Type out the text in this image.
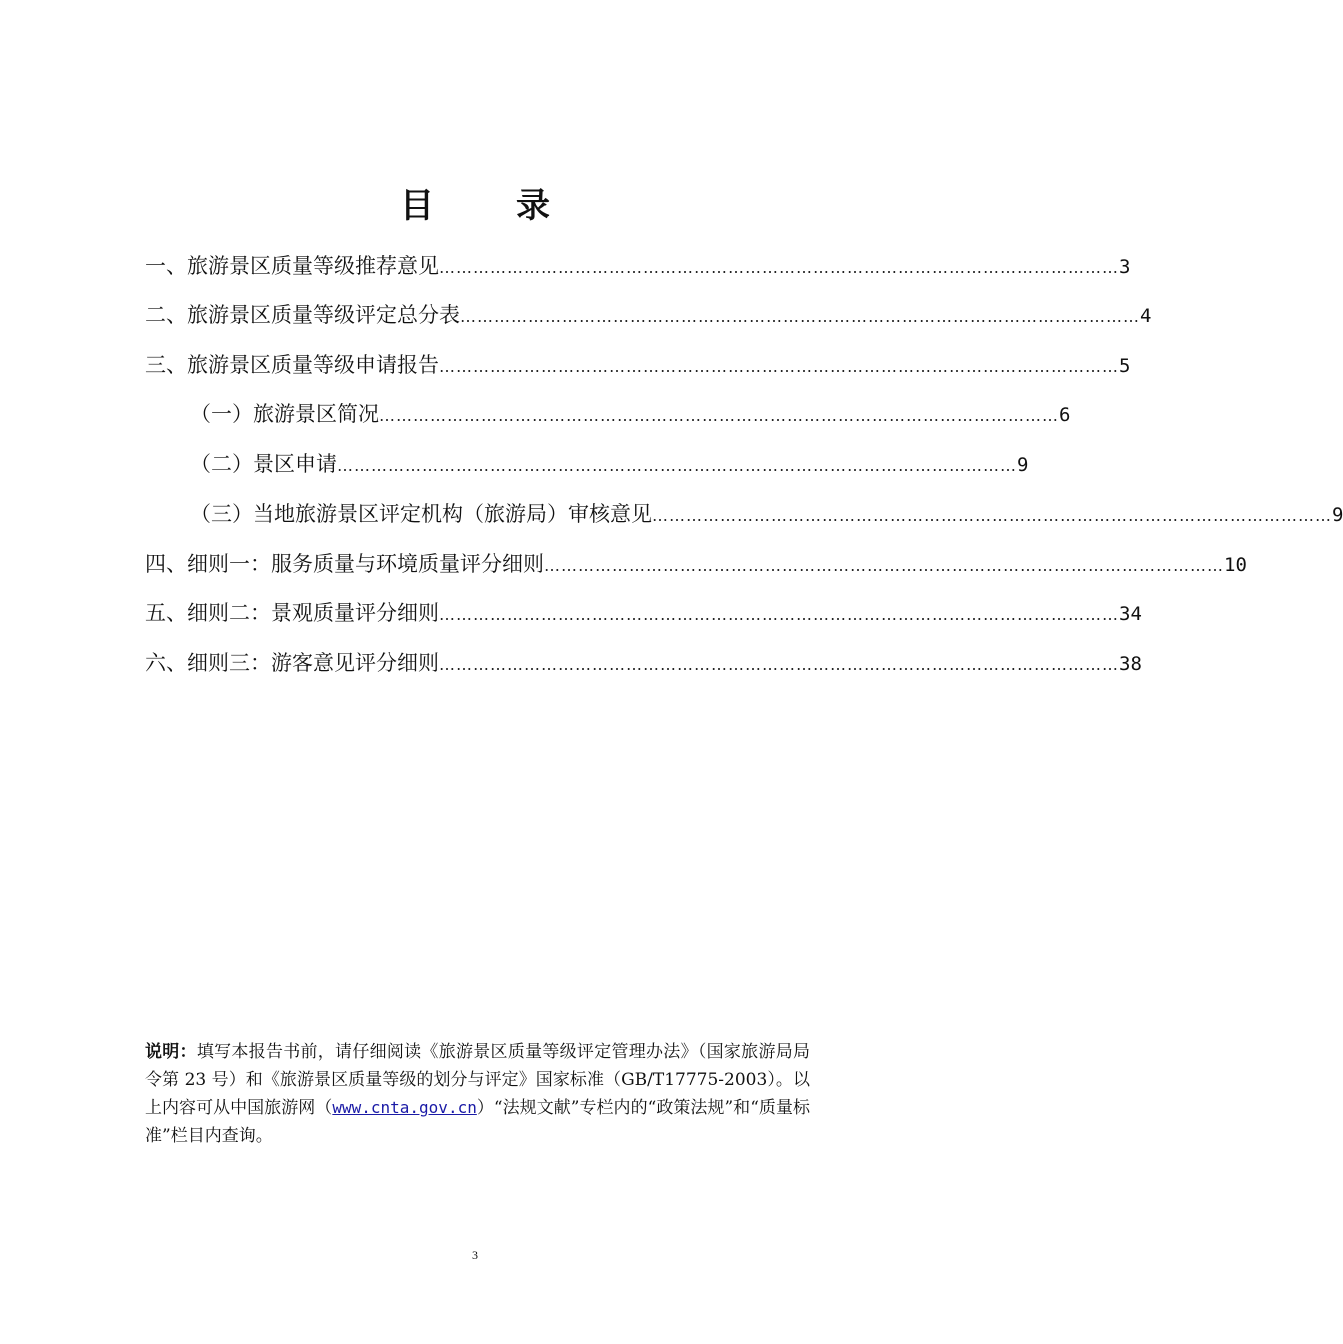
目 录
一、旅游景区质量等级推荐意见 ………………………………………………………………………………………………………… 3
二、旅游景区质量等级评定总分表 ………………………………………………………………………………………………………… 4
三、旅游景区质量等级申请报告 ………………………………………………………………………………………………………… 5
（一）旅游景区简况 ………………………………………………………………………………………………………… 6
（二）景区申请 ………………………………………………………………………………………………………… 9
（三）当地旅游景区评定机构（旅游局）审核意见 ………………………………………………………………………………………………………… 9
四、细则一：服务质量与环境质量评分细则 ………………………………………………………………………………………………………… 10
五、细则二：景观质量评分细则 ………………………………………………………………………………………………………… 34
六、细则三：游客意见评分细则 ………………………………………………………………………………………………………… 38
说明：填写本报告书前，请仔细阅读《旅游景区质量等级评定管理办法》（国家旅游局局令第 23 号）和《旅游景区质量等级的划分与评定》国家标准（GB/T17775-2003）。以上内容可从中国旅游网（www.cnta.gov.cn）“法规文献”专栏内的“政策法规”和“质量标准”栏目内查询。
3
